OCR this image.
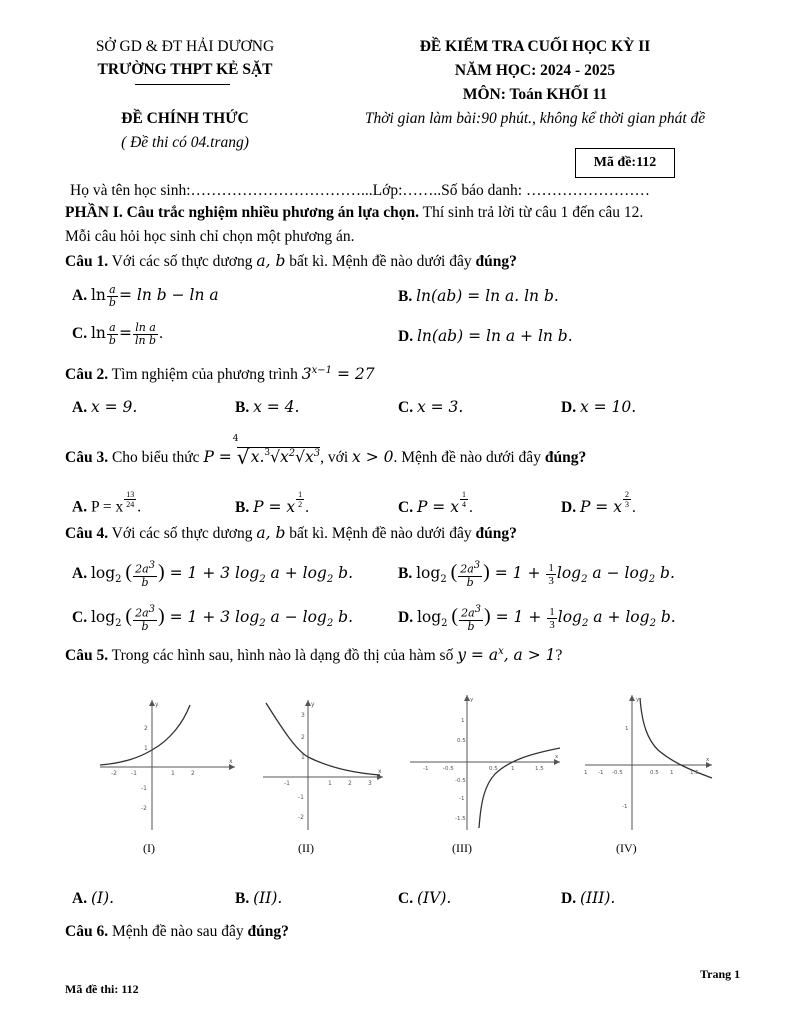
SỞ GD & ĐT HẢI DƯƠNG
TRƯỜNG THPT KẺ SẶT
ĐỀ CHÍNH THỨC
( Đề thi có 04.trang)
ĐỀ KIỂM TRA CUỐI HỌC KỲ II
NĂM HỌC: 2024 - 2025
MÔN: Toán KHỐI 11
Thời gian làm bài:90 phút., không kể thời gian phát đề
Mã đề:112
Họ và tên học sinh:……………………………...Lớp:……..Số báo danh: ……………………
PHẦN I. Câu trắc nghiệm nhiều phương án lựa chọn. Thí sinh trả lời từ câu 1 đến câu 12.
Mỗi câu hỏi học sinh chỉ chọn một phương án.
Câu 1. Với các số thực dương a, b bất kì. Mệnh đề nào dưới đây đúng?
A. $\ln \frac{a}{b} = \ln b - \ln a$	B. ln(ab) = ln a. ln b.
C. $\ln \frac{a}{b} = \frac{\text{ln a}}{\text{ln b}}$ .	D. ln(ab) = ln a + ln b.
Câu 2. Tìm nghiệm của phương trình $3^{x-1} = 27$
A. x = 9.	B. x = 4.	C. x = 3.	D. x = 10.
Câu 3. Cho biểu thức P =
4
√ $x.^3√x^2√x^3$, với x > 0. Mệnh đề nào dưới đây đúng?
A. P = x $^{\frac{13}{24}}$ .	B. P = x $^{\frac{1}{2}}$ .	C. P = x $^{\frac{1}{4}}$ .	D. P = x $^{\frac{2}{3}}$ .
Câu 4. Với các số thực dương a, b bất kì. Mệnh đề nào dưới đây đúng?
A. $\log_2$ ( $\frac{2a^3}{b}$ ) = 1 + 3 $\log_2 a + \log_2 b$.	B. $\log_2$ ( $\frac{2a^3}{b}$ ) = $1 + \frac{1}{3} \log_2 a - \log_2 b$.
C. $\log_2$ ( $\frac{2a^3}{b}$ ) = 1 + 3 $\log_2 a - \log_2 b$.	D. $\log_2$ ( $\frac{2a^3}{b}$ ) = $1 + \frac{1}{3} \log_2 a + \log_2 b$.
Câu 5. Trong các hình sau, hình nào là dạng đồ thị của hàm số $y = a^x$, a > 1?
-2 -1	1	2
2
1
-1
-2
y
x
(I)
-1	1	2	3
3
2
1
-1
-2
y
x
(II)
-1	-0.5	0.5 1	1.5
1
0.5
-0.5
-1
-1.5
y
x
(III)
1 -1 -0.5	0.5 1	1.5
1
-1
y
x
(IV)
A. (I).	B. (II).	C. (IV).	D. (III).
Câu 6. Mệnh đề nào sau đây đúng?
Trang 1
Mã đề thi: 112
